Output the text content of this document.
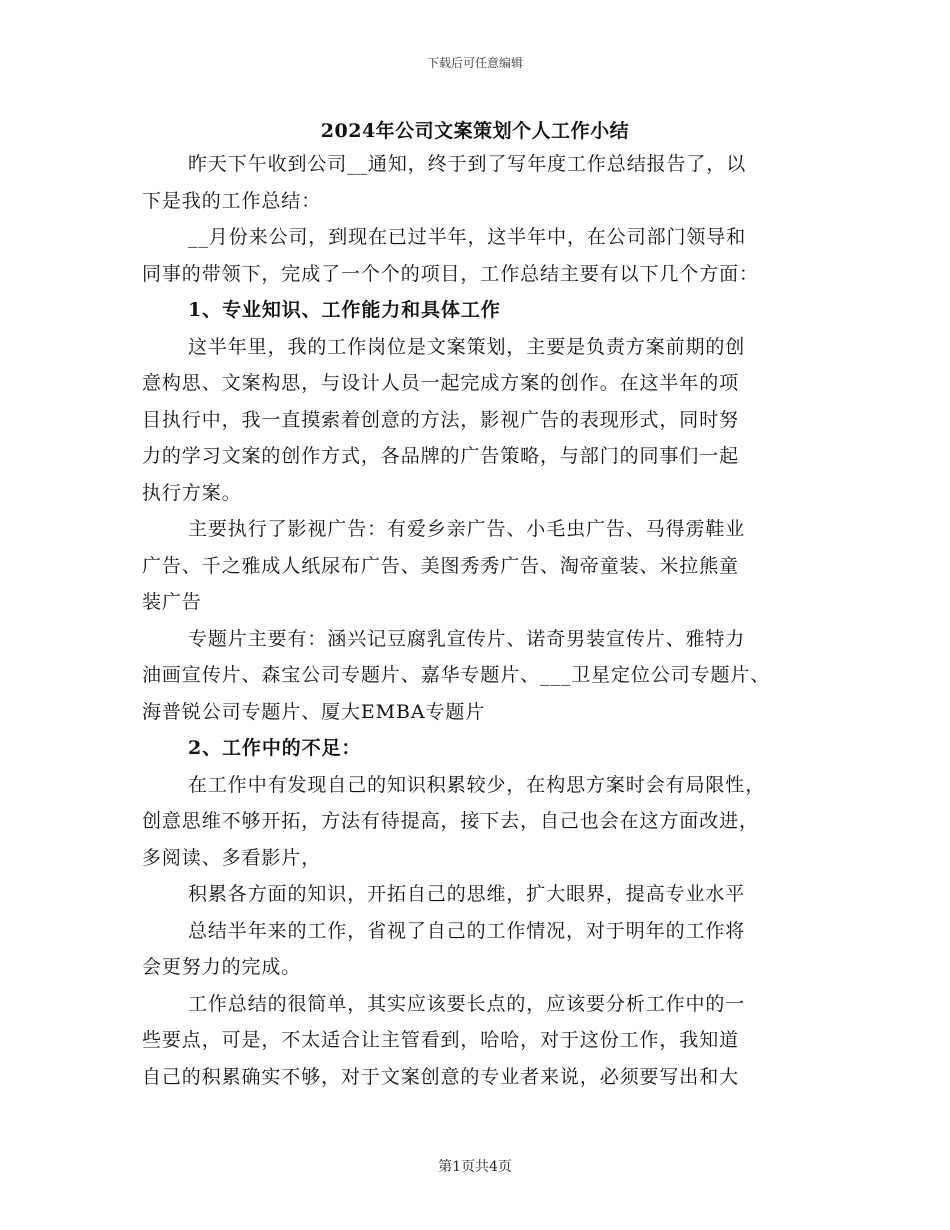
下载后可任意编辑
2024年公司文案策划个人工作小结
昨天下午收到公司__通知，终于到了写年度工作总结报告了，以
下是我的工作总结：
__月份来公司，到现在已过半年，这半年中，在公司部门领导和
同事的带领下，完成了一个个的项目，工作总结主要有以下几个方面：
1、专业知识、工作能力和具体工作
这半年里，我的工作岗位是文案策划，主要是负责方案前期的创
意构思、文案构思，与设计人员一起完成方案的创作。在这半年的项
目执行中，我一直摸索着创意的方法，影视广告的表现形式，同时努
力的学习文案的创作方式，各品牌的广告策略，与部门的同事们一起
执行方案。
主要执行了影视广告：有爱乡亲广告、小毛虫广告、马得雳鞋业
广告、千之雅成人纸尿布广告、美图秀秀广告、淘帝童装、米拉熊童
装广告
专题片主要有：涵兴记豆腐乳宣传片、诺奇男装宣传片、雅特力
油画宣传片、森宝公司专题片、嘉华专题片、___卫星定位公司专题片、
海普锐公司专题片、厦大EMBA专题片
2、工作中的不足：
在工作中有发现自己的知识积累较少，在构思方案时会有局限性，
创意思维不够开拓，方法有待提高，接下去，自己也会在这方面改进，
多阅读、多看影片，
积累各方面的知识，开拓自己的思维，扩大眼界，提高专业水平
总结半年来的工作，省视了自己的工作情况，对于明年的工作将
会更努力的完成。
工作总结的很简单，其实应该要长点的，应该要分析工作中的一
些要点，可是，不太适合让主管看到，哈哈，对于这份工作，我知道
自己的积累确实不够，对于文案创意的专业者来说，必须要写出和大
第1页共4页
